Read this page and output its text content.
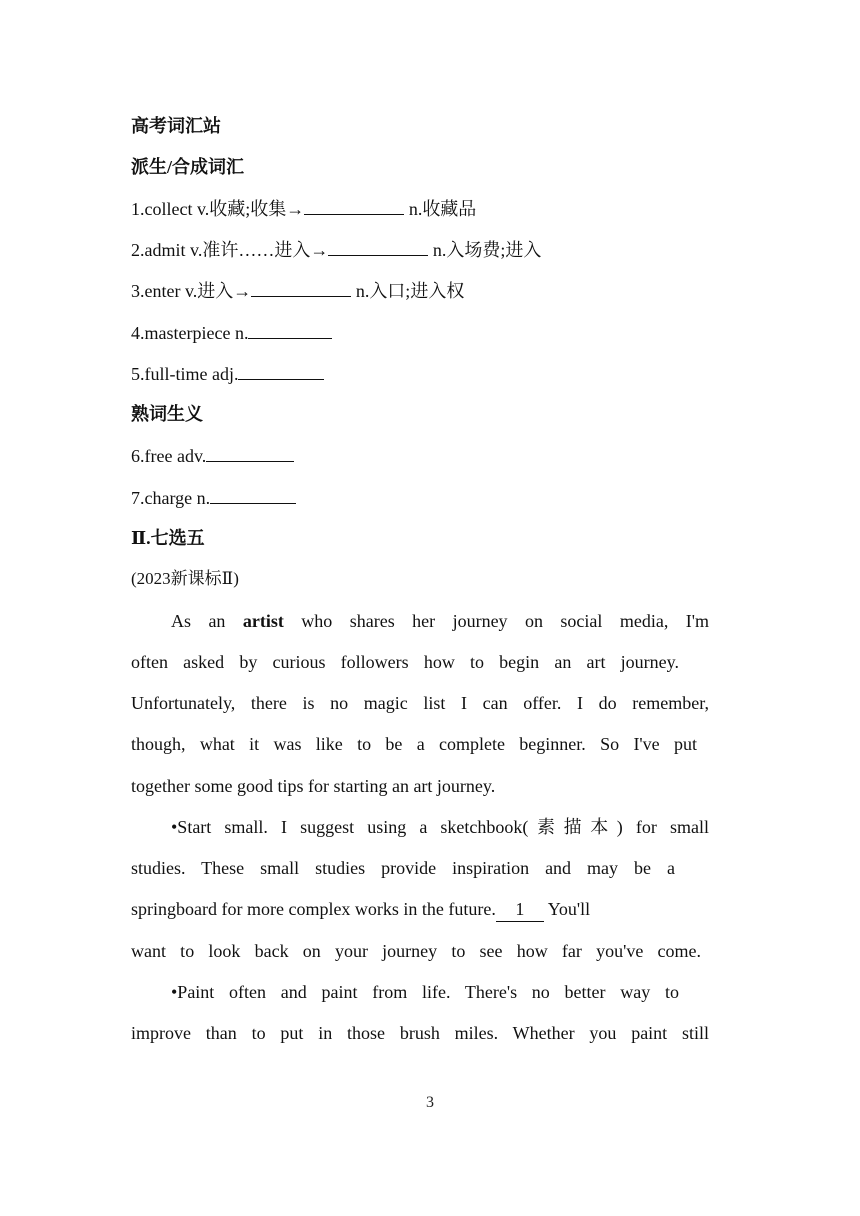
高考词汇站
派生/合成词汇
1.collect v.收藏;收集→	n.收藏品
2.admit v.准许……进入→	n.入场费;进入
3.enter v.进入→	n.入口;进入权
4.masterpiece n.
5.full-time adj.
熟词生义
6.free adv.
7.charge n.
Ⅱ.七选五
(2023新课标Ⅱ)
As an artist who shares her journey on social media, I'm
often asked by curious followers how to begin an art journey.
Unfortunately, there is no magic list I can offer. I do remember,
though, what it was like to be a complete beginner. So I've put
together some good tips for starting an art journey.
•Start small. I suggest using a sketchbook(素描本) for small
studies. These small studies provide inspiration and may be a
springboard for more complex works in the future. 1 You'll
want to look back on your journey to see how far you've come.
•Paint often and paint from life. There's no better way to
improve than to put in those brush miles. Whether you paint still
3
